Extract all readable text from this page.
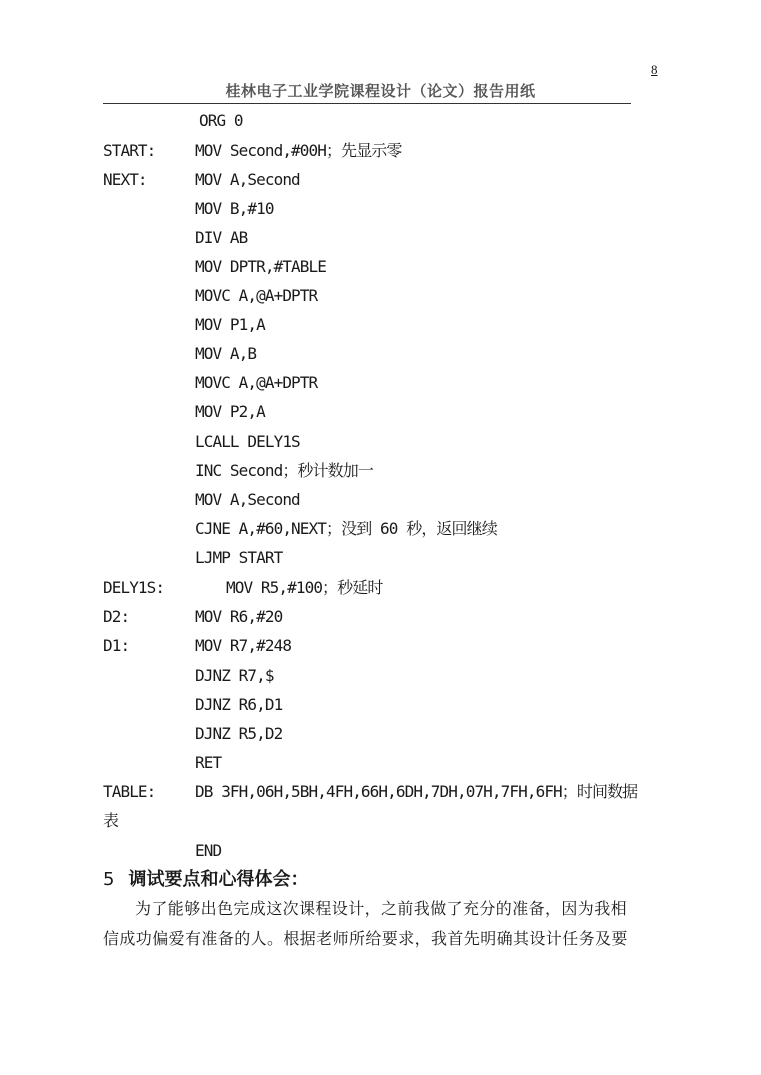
8
桂林电子工业学院课程设计（论文）报告用纸
ORG 0
START: MOV Second,#00H；先显示零
NEXT:	MOV A,Second
MOV B,#10
DIV AB
MOV DPTR,#TABLE
MOVC A,@A+DPTR
MOV P1,A
MOV A,B
MOVC A,@A+DPTR
MOV P2,A
LCALL DELY1S
INC Second；秒计数加一
MOV A,Second
CJNE A,#60,NEXT；没到 60 秒，返回继续
LJMP START
DELY1S:	MOV R5,#100；秒延时
D2:	MOV R6,#20
D1:	MOV R7,#248
DJNZ R7,$
DJNZ R6,D1
DJNZ R5,D2
RET
TABLE: DB 3FH,06H,5BH,4FH,66H,6DH,7DH,07H,7FH,6FH；时间数据
表
END
5 调试要点和心得体会：
为了能够出色完成这次课程设计，之前我做了充分的准备，因为我相
信成功偏爱有准备的人。根据老师所给要求，我首先明确其设计任务及要
